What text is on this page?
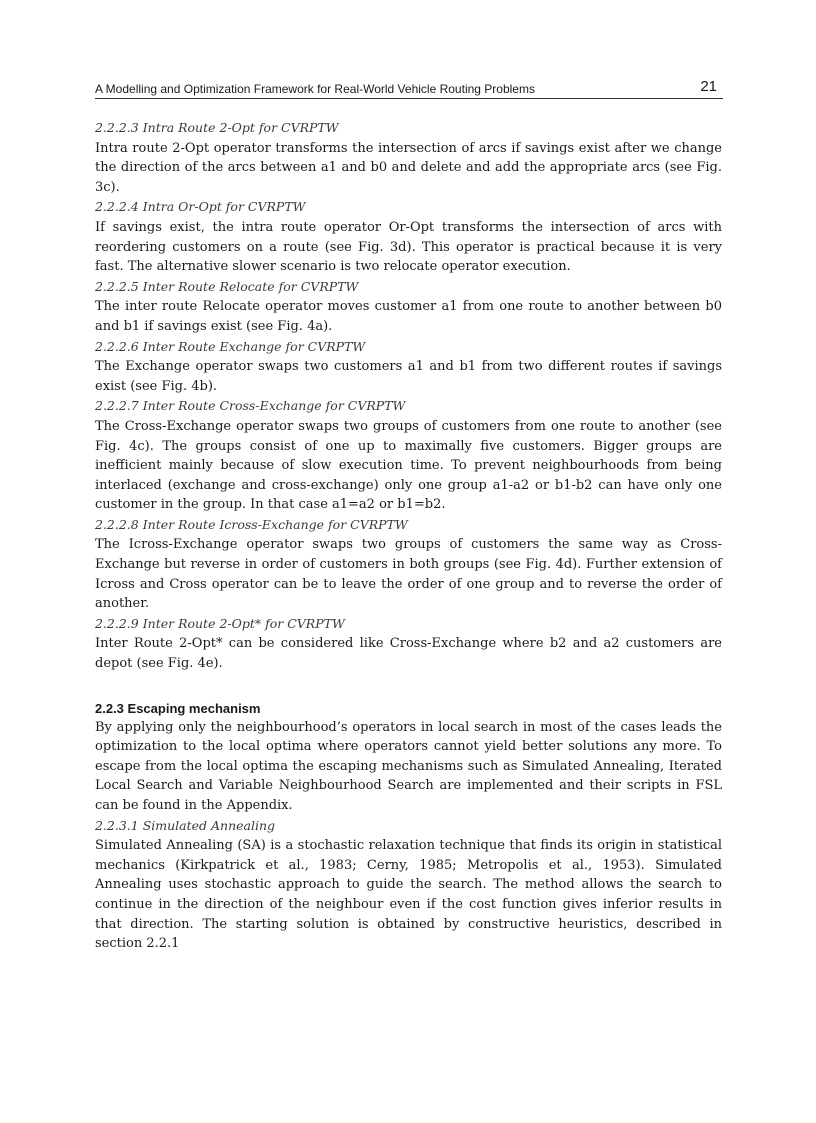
A Modelling and Optimization Framework for Real-World Vehicle Routing Problems	21

2.2.2.3 Intra Route 2-Opt for CVRPTW

Intra route 2-Opt operator transforms the intersection of arcs if savings exist after we change the direction of the arcs between a1 and b0 and delete and add the appropriate arcs (see Fig. 3c).

2.2.2.4 Intra Or-Opt for CVRPTW

If savings exist, the intra route operator Or-Opt transforms the intersection of arcs with reordering customers on a route (see Fig. 3d). This operator is practical because it is very fast. The alternative slower scenario is two relocate operator execution.

2.2.2.5 Inter Route Relocate for CVRPTW

The inter route Relocate operator moves customer a1 from one route to another between b0 and b1 if savings exist (see Fig. 4a).

2.2.2.6 Inter Route Exchange for CVRPTW

The Exchange operator swaps two customers a1 and b1 from two different routes if savings exist (see Fig. 4b).

2.2.2.7 Inter Route Cross-Exchange for CVRPTW

The Cross-Exchange operator swaps two groups of customers from one route to another (see Fig. 4c). The groups consist of one up to maximally five customers. Bigger groups are inefficient mainly because of slow execution time. To prevent neighbourhoods from being interlaced (exchange and cross-exchange) only one group a1-a2 or b1-b2 can have only one customer in the group. In that case a1=a2 or b1=b2.

2.2.2.8 Inter Route Icross-Exchange for CVRPTW

The Icross-Exchange operator swaps two groups of customers the same way as Cross-Exchange but reverse in order of customers in both groups (see Fig. 4d). Further extension of Icross and Cross operator can be to leave the order of one group and to reverse the order of another.

2.2.2.9 Inter Route 2-Opt* for CVRPTW

Inter Route 2-Opt* can be considered like Cross-Exchange where b2 and a2 customers are depot (see Fig. 4e).

2.2.3 Escaping mechanism

By applying only the neighbourhood’s operators in local search in most of the cases leads the optimization to the local optima where operators cannot yield better solutions any more. To escape from the local optima the escaping mechanisms such as Simulated Annealing, Iterated Local Search and Variable Neighbourhood Search are implemented and their scripts in FSL can be found in the Appendix.

2.2.3.1 Simulated Annealing

Simulated Annealing (SA) is a stochastic relaxation technique that finds its origin in statistical mechanics (Kirkpatrick et al., 1983; Cerny, 1985; Metropolis et al., 1953). Simulated Annealing uses stochastic approach to guide the search. The method allows the search to continue in the direction of the neighbour even if the cost function gives inferior results in that direction. The starting solution is obtained by constructive heuristics, described in section 2.2.1
